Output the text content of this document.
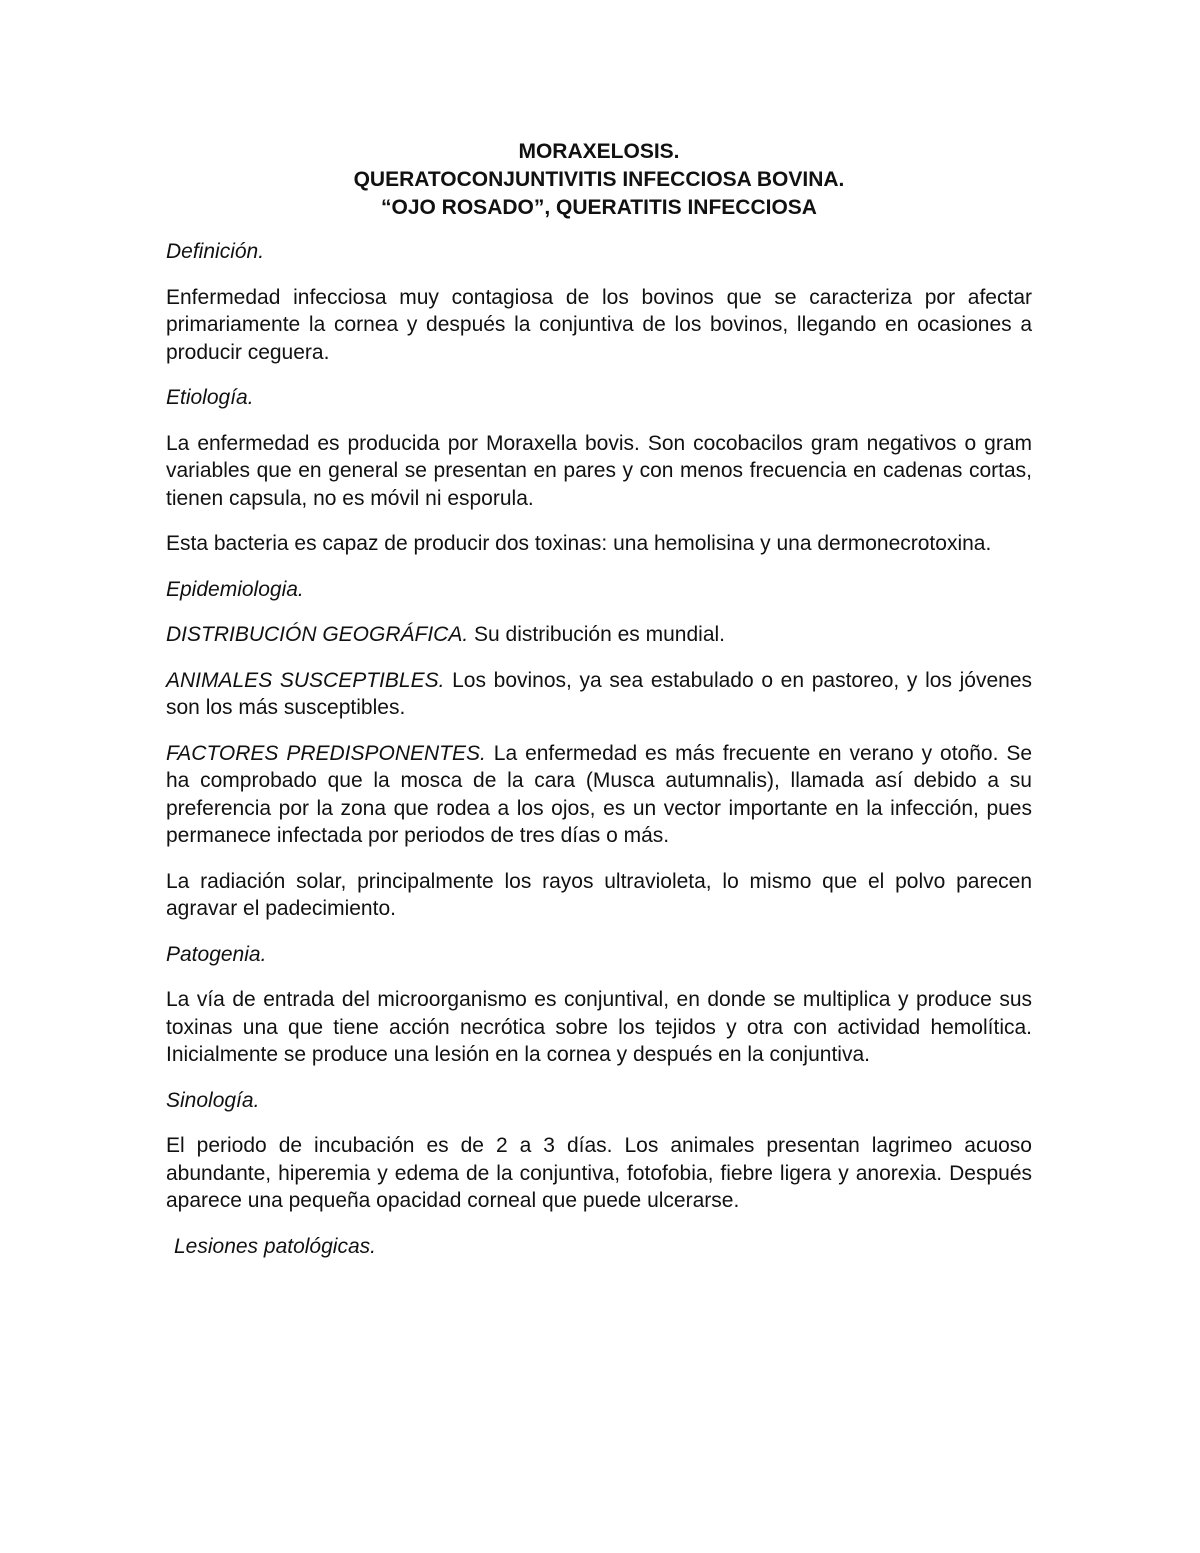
MORAXELOSIS.
QUERATOCONJUNTIVITIS INFECCIOSA BOVINA.
“OJO ROSADO”, QUERATITIS INFECCIOSA

Definición.

Enfermedad infecciosa muy contagiosa de los bovinos que se caracteriza por afectar primariamente la cornea y después la conjuntiva de los bovinos, llegando en ocasiones a producir ceguera.

Etiología.

La enfermedad es producida por Moraxella bovis. Son cocobacilos gram negativos o gram variables que en general se presentan en pares y con menos frecuencia en cadenas cortas, tienen capsula, no es móvil ni esporula.

Esta bacteria es capaz de producir dos toxinas: una hemolisina y una dermonecrotoxina.

Epidemiologia.

DISTRIBUCIÓN GEOGRÁFICA. Su distribución es mundial.

ANIMALES SUSCEPTIBLES. Los bovinos, ya sea estabulado o en pastoreo, y los jóvenes son los más susceptibles.

FACTORES PREDISPONENTES. La enfermedad es más frecuente en verano y otoño. Se ha comprobado que la mosca de la cara (Musca autumnalis), llamada así debido a su preferencia por la zona que rodea a los ojos, es un vector importante en la infección, pues permanece infectada por periodos de tres días o más.

La radiación solar, principalmente los rayos ultravioleta, lo mismo que el polvo parecen agravar el padecimiento.

Patogenia.

La vía de entrada del microorganismo es conjuntival, en donde se multiplica y produce sus toxinas una que tiene acción necrótica sobre los tejidos y otra con actividad hemolítica. Inicialmente se produce una lesión en la cornea y después en la conjuntiva.

Sinología.

El periodo de incubación es de 2 a 3 días. Los animales presentan lagrimeo acuoso abundante, hiperemia y edema de la conjuntiva, fotofobia, fiebre ligera y anorexia. Después aparece una pequeña opacidad corneal que puede ulcerarse.

Lesiones patológicas.
